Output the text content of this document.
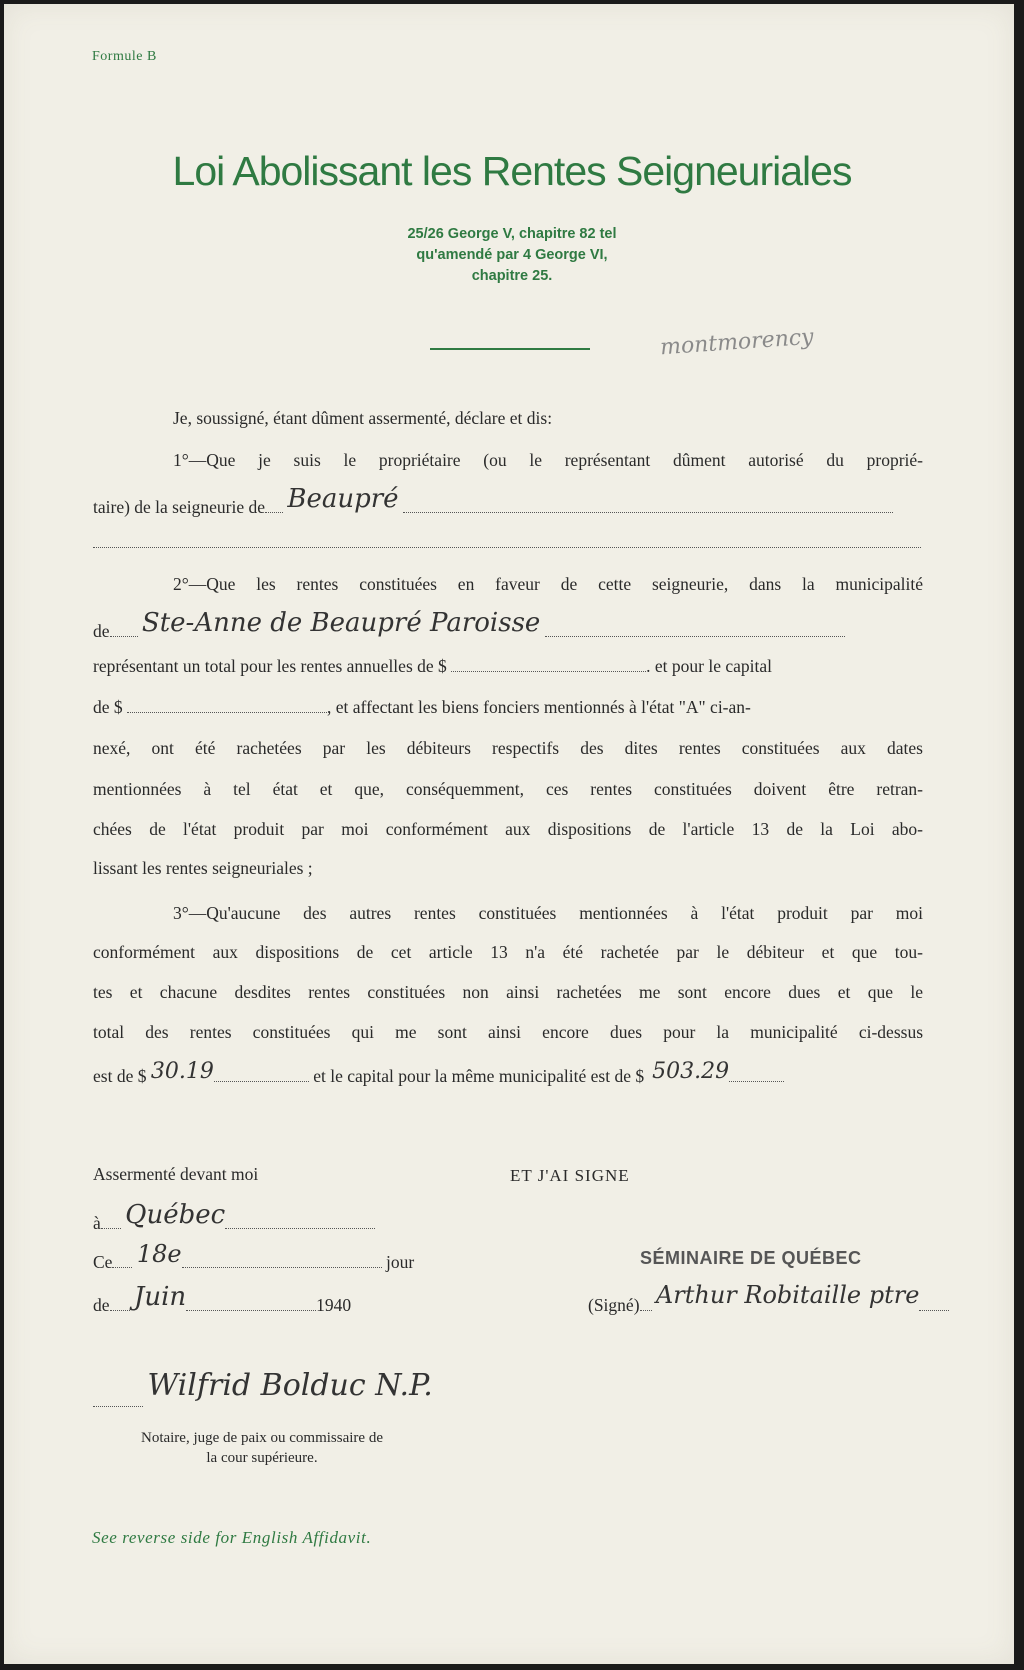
Formule B
Loi Abolissant les Rentes Seigneuriales
25/26 George V, chapitre 82 tel
qu'amendé par 4 George VI,
chapitre 25.
montmorency
Je, soussigné, étant dûment assermenté, déclare et dis:
1°—Que je suis le propriétaire (ou le représentant dûment autorisé du proprié-
taire) de la seigneurie de Beaupré
2°—Que les rentes constituées en faveur de cette seigneurie, dans la municipalité
de Ste-Anne de Beaupré Paroisse
représentant un total pour les rentes annuelles de $	. et pour le capital
de $	, et affectant les biens fonciers mentionnés à l'état "A" ci-an-
nexé, ont été rachetées par les débiteurs respectifs des dites rentes constituées aux dates
mentionnées à tel état et que, conséquemment, ces rentes constituées doivent être retran-
chées de l'état produit par moi conformément aux dispositions de l'article 13 de la Loi abo-
lissant les rentes seigneuriales ;
3°—Qu'aucune des autres rentes constituées mentionnées à l'état produit par moi
conformément aux dispositions de cet article 13 n'a été rachetée par le débiteur et que tou-
tes et chacune desdites rentes constituées non ainsi rachetées me sont encore dues et que le
total des rentes constituées qui me sont ainsi encore dues pour la municipalité ci-dessus
est de $ 30.19	et le capital pour la même municipalité est de $ 503.29
Assermenté devant moi
à Québec
Ce 18e	jour
de Juin	1940
Wilfrid Bolduc N.P.
Notaire, juge de paix ou commissaire de
la cour supérieure.
ET J'AI SIGNE
SÉMINAIRE DE QUÉBEC
(Signé) Arthur Robitaille ptre
See reverse side for English Affidavit.
